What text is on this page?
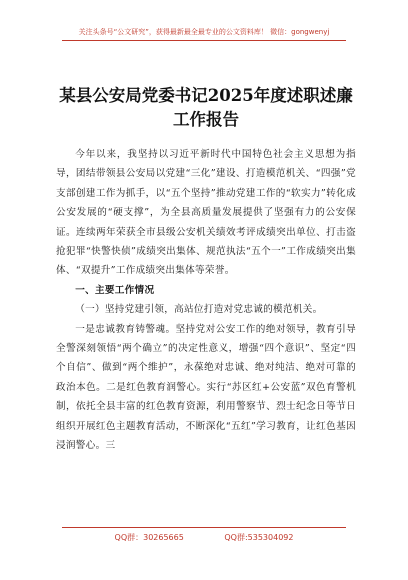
关注头条号“公文研究”，获得最新最全最专业的公文资料库！ 微信：gongwenyj
某县公安局党委书记2025年度述职述廉工作报告

今年以来，我坚持以习近平新时代中国特色社会主义思想为指导，团结带领县公安局以党建“三化”建设、打造模范机关、“四强”党支部创建工作为抓手，以“五个坚持”推动党建工作的“软实力”转化成公安发展的“硬支撑”，为全县高质量发展提供了坚强有力的公安保证。连续两年荣获全市县级公安机关绩效考评成绩突出单位、打击盗抢犯罪“快警快侦”成绩突出集体、规范执法“五个一”工作成绩突出集体、“双提升”工作成绩突出集体等荣誉。

一、主要工作情况

（一）坚持党建引领，高站位打造对党忠诚的模范机关。

一是忠诚教育铸警魂。坚持党对公安工作的绝对领导，教育引导全警深刻领悟“两个确立”的决定性意义，增强“四个意识”、坚定“四个自信”、做到“两个维护”，永葆绝对忠诚、绝对纯洁、绝对可靠的政治本色。二是红色教育润警心。实行“苏区红+公安蓝”双色育警机制，依托全县丰富的红色教育资源，利用警察节、烈士纪念日等节日组织开展红色主题教育活动，不断深化“五红”学习教育，让红色基因浸润警心。三

QQ群：30265665	QQ群:535304092
